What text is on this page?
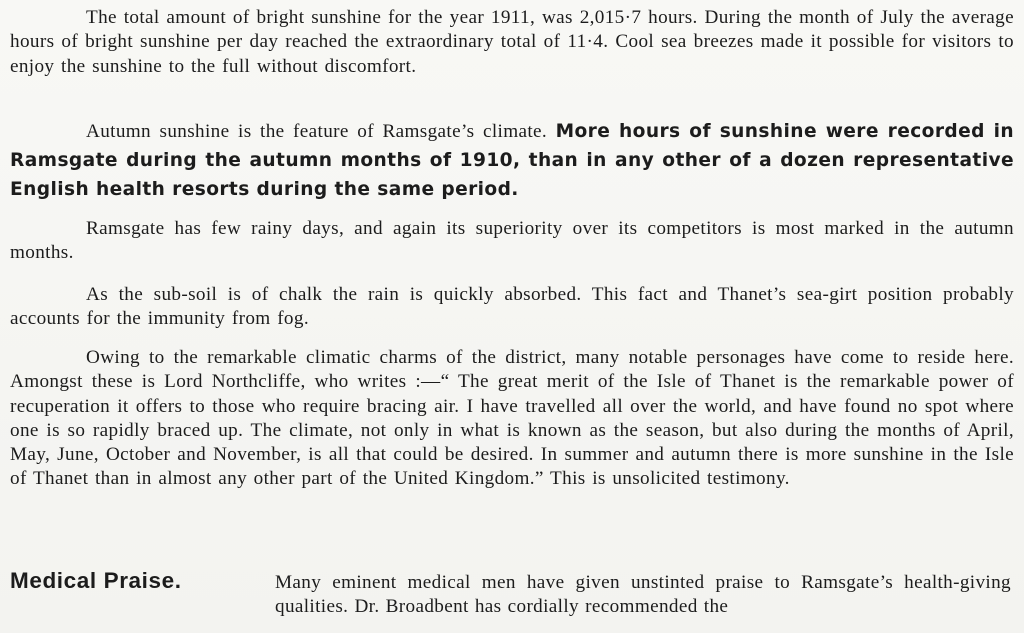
The total amount of bright sunshine for the year 1911, was 2,015·7 hours. During the month of July the average hours of bright sunshine per day reached the extraordinary total of 11·4. Cool sea breezes made it possible for visitors to enjoy the sunshine to the full without discomfort.

Autumn sunshine is the feature of Ramsgate’s climate. More hours of sunshine were recorded in Ramsgate during the autumn months of 1910, than in any other of a dozen representative English health resorts during the same period.

Ramsgate has few rainy days, and again its superiority over its competitors is most marked in the autumn months.

As the sub-soil is of chalk the rain is quickly absorbed. This fact and Thanet’s sea-girt position probably accounts for the immunity from fog.

Owing to the remarkable climatic charms of the district, many notable personages have come to reside here. Amongst these is Lord Northcliffe, who writes :—“ The great merit of the Isle of Thanet is the remarkable power of recuperation it offers to those who require bracing air. I have travelled all over the world, and have found no spot where one is so rapidly braced up. The climate, not only in what is known as the season, but also during the months of April, May, June, October and November, is all that could be desired. In summer and autumn there is more sunshine in the Isle of Thanet than in almost any other part of the United Kingdom.” This is unsolicited testimony.

Medical Praise.	Many eminent medical men have given unstinted praise to Ramsgate’s health-giving qualities. Dr. Broadbent has cordially recommended the
